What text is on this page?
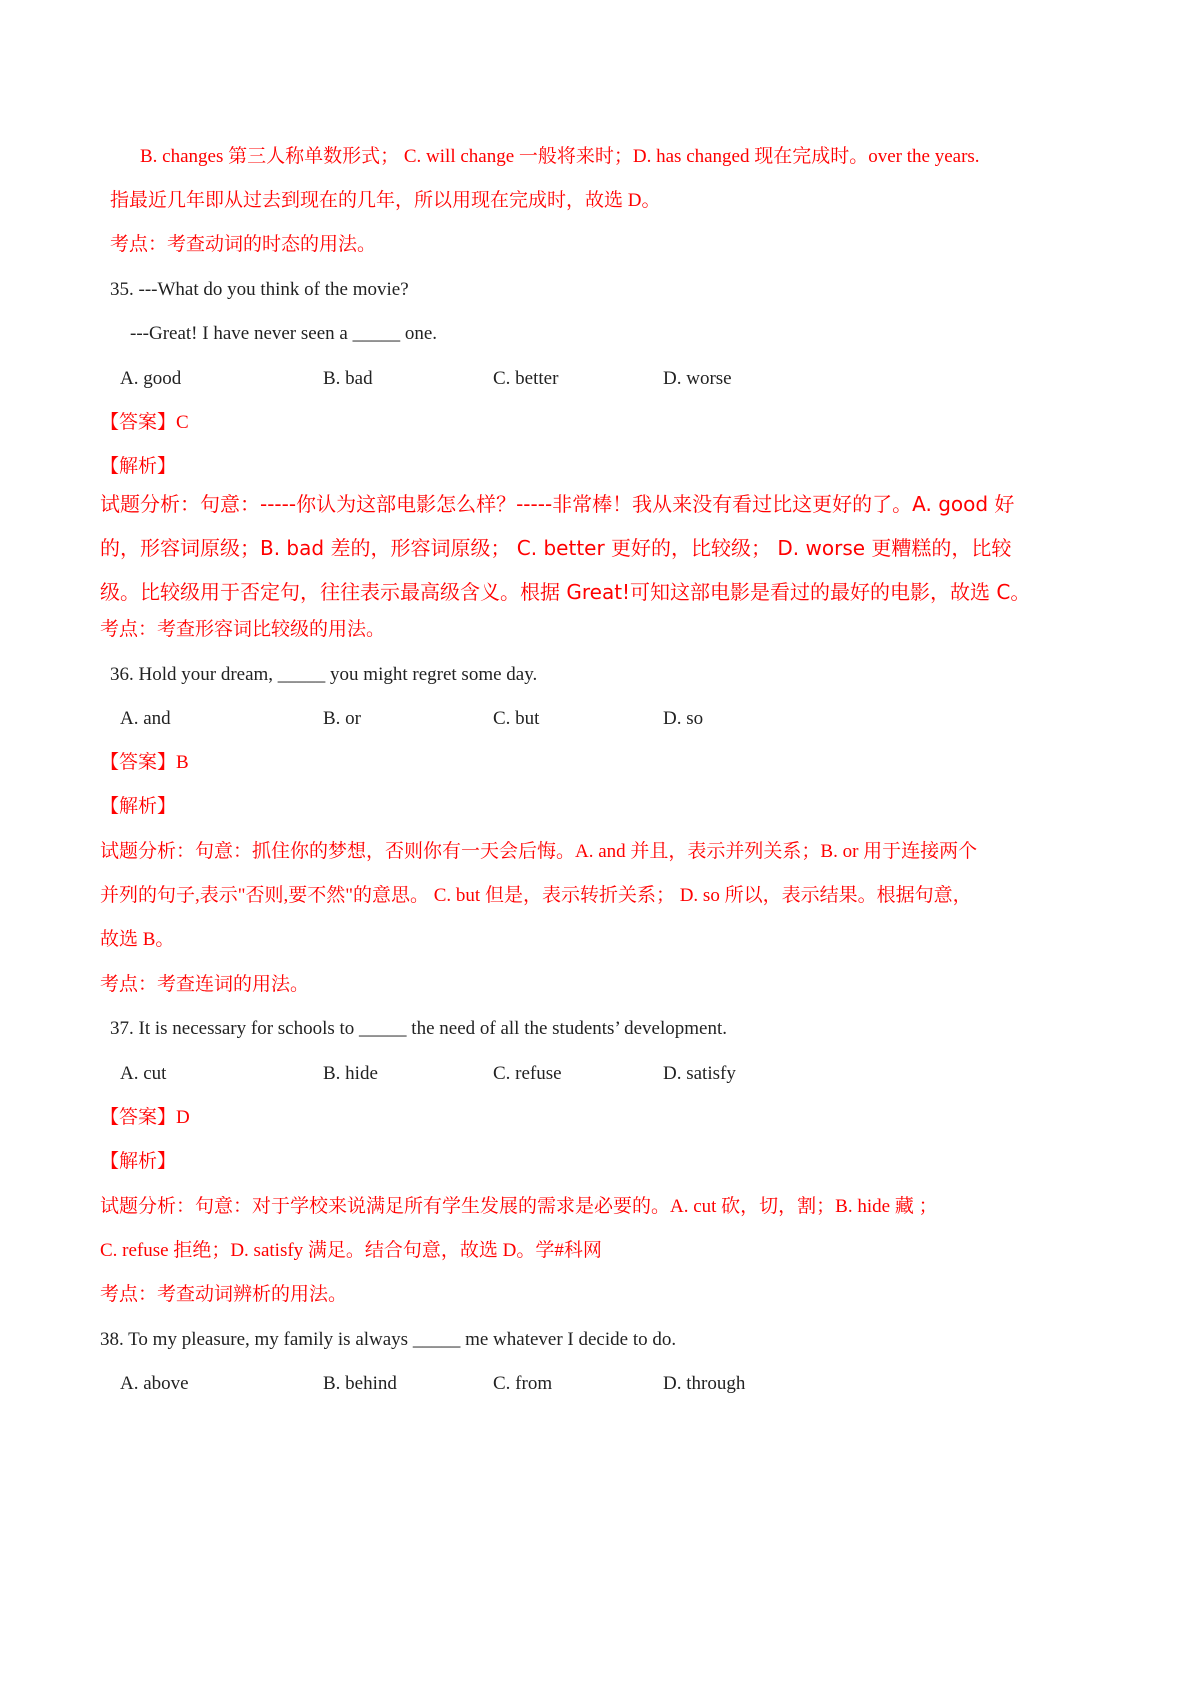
B. changes 第三人称单数形式； C. will change 一般将来时；D. has changed 现在完成时。over the years.
指最近几年即从过去到现在的几年，所以用现在完成时，故选 D。
考点：考查动词的时态的用法。
35. ---What do you think of the movie?
---Great! I have never seen a _____ one.
A. good	B. bad	C. better	D. worse
【答案】C
【解析】
试题分析：句意：-----你认为这部电影怎么样？-----非常棒！我从来没有看过比这更好的了。A. good 好
的，形容词原级；B. bad 差的，形容词原级； C. better 更好的，比较级； D. worse 更糟糕的，比较
级。比较级用于否定句，往往表示最高级含义。根据 Great!可知这部电影是看过的最好的电影，故选 C。
考点：考查形容词比较级的用法。
36. Hold your dream, _____ you might regret some day.
A. and	B. or	C. but	D. so
【答案】B
【解析】
试题分析：句意：抓住你的梦想，否则你有一天会后悔。A. and 并且，表示并列关系；B. or 用于连接两个
并列的句子,表示"否则,要不然"的意思。 C. but 但是，表示转折关系； D. so 所以，表示结果。根据句意，
故选 B。
考点：考查连词的用法。
37. It is necessary for schools to _____ the need of all the students’ development.
A. cut	B. hide	C. refuse	D. satisfy
【答案】D
【解析】
试题分析：句意：对于学校来说满足所有学生发展的需求是必要的。A. cut 砍，切，割；B. hide 藏 ；
C. refuse 拒绝；D. satisfy 满足。结合句意，故选 D。学#科网
考点：考查动词辨析的用法。
38. To my pleasure, my family is always _____ me whatever I decide to do.
A. above	B. behind	C. from	D. through
